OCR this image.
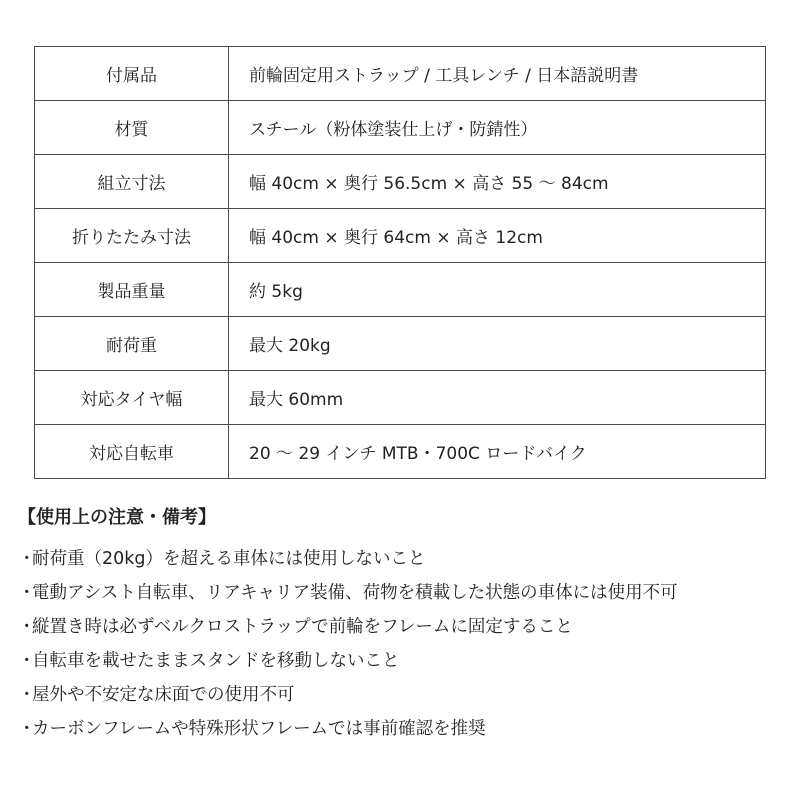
付属品	前輪固定用ストラップ / 工具レンチ / 日本語説明書
材質	スチール（粉体塗装仕上げ・防錆性）
組立寸法	幅 40cm × 奥行 56.5cm × 高さ 55 〜 84cm
折りたたみ寸法	幅 40cm × 奥行 64cm × 高さ 12cm
製品重量	約 5kg
耐荷重	最大 20kg
対応タイヤ幅	最大 60mm
対応自転車	20 〜 29 インチ MTB・700C ロードバイク
【使用上の注意・備考】
・耐荷重（20kg）を超える車体には使用しないこと
・電動アシスト自転車、リアキャリア装備、荷物を積載した状態の車体には使用不可
・縦置き時は必ずベルクロストラップで前輪をフレームに固定すること
・自転車を載せたままスタンドを移動しないこと
・屋外や不安定な床面での使用不可
・カーボンフレームや特殊形状フレームでは事前確認を推奨
